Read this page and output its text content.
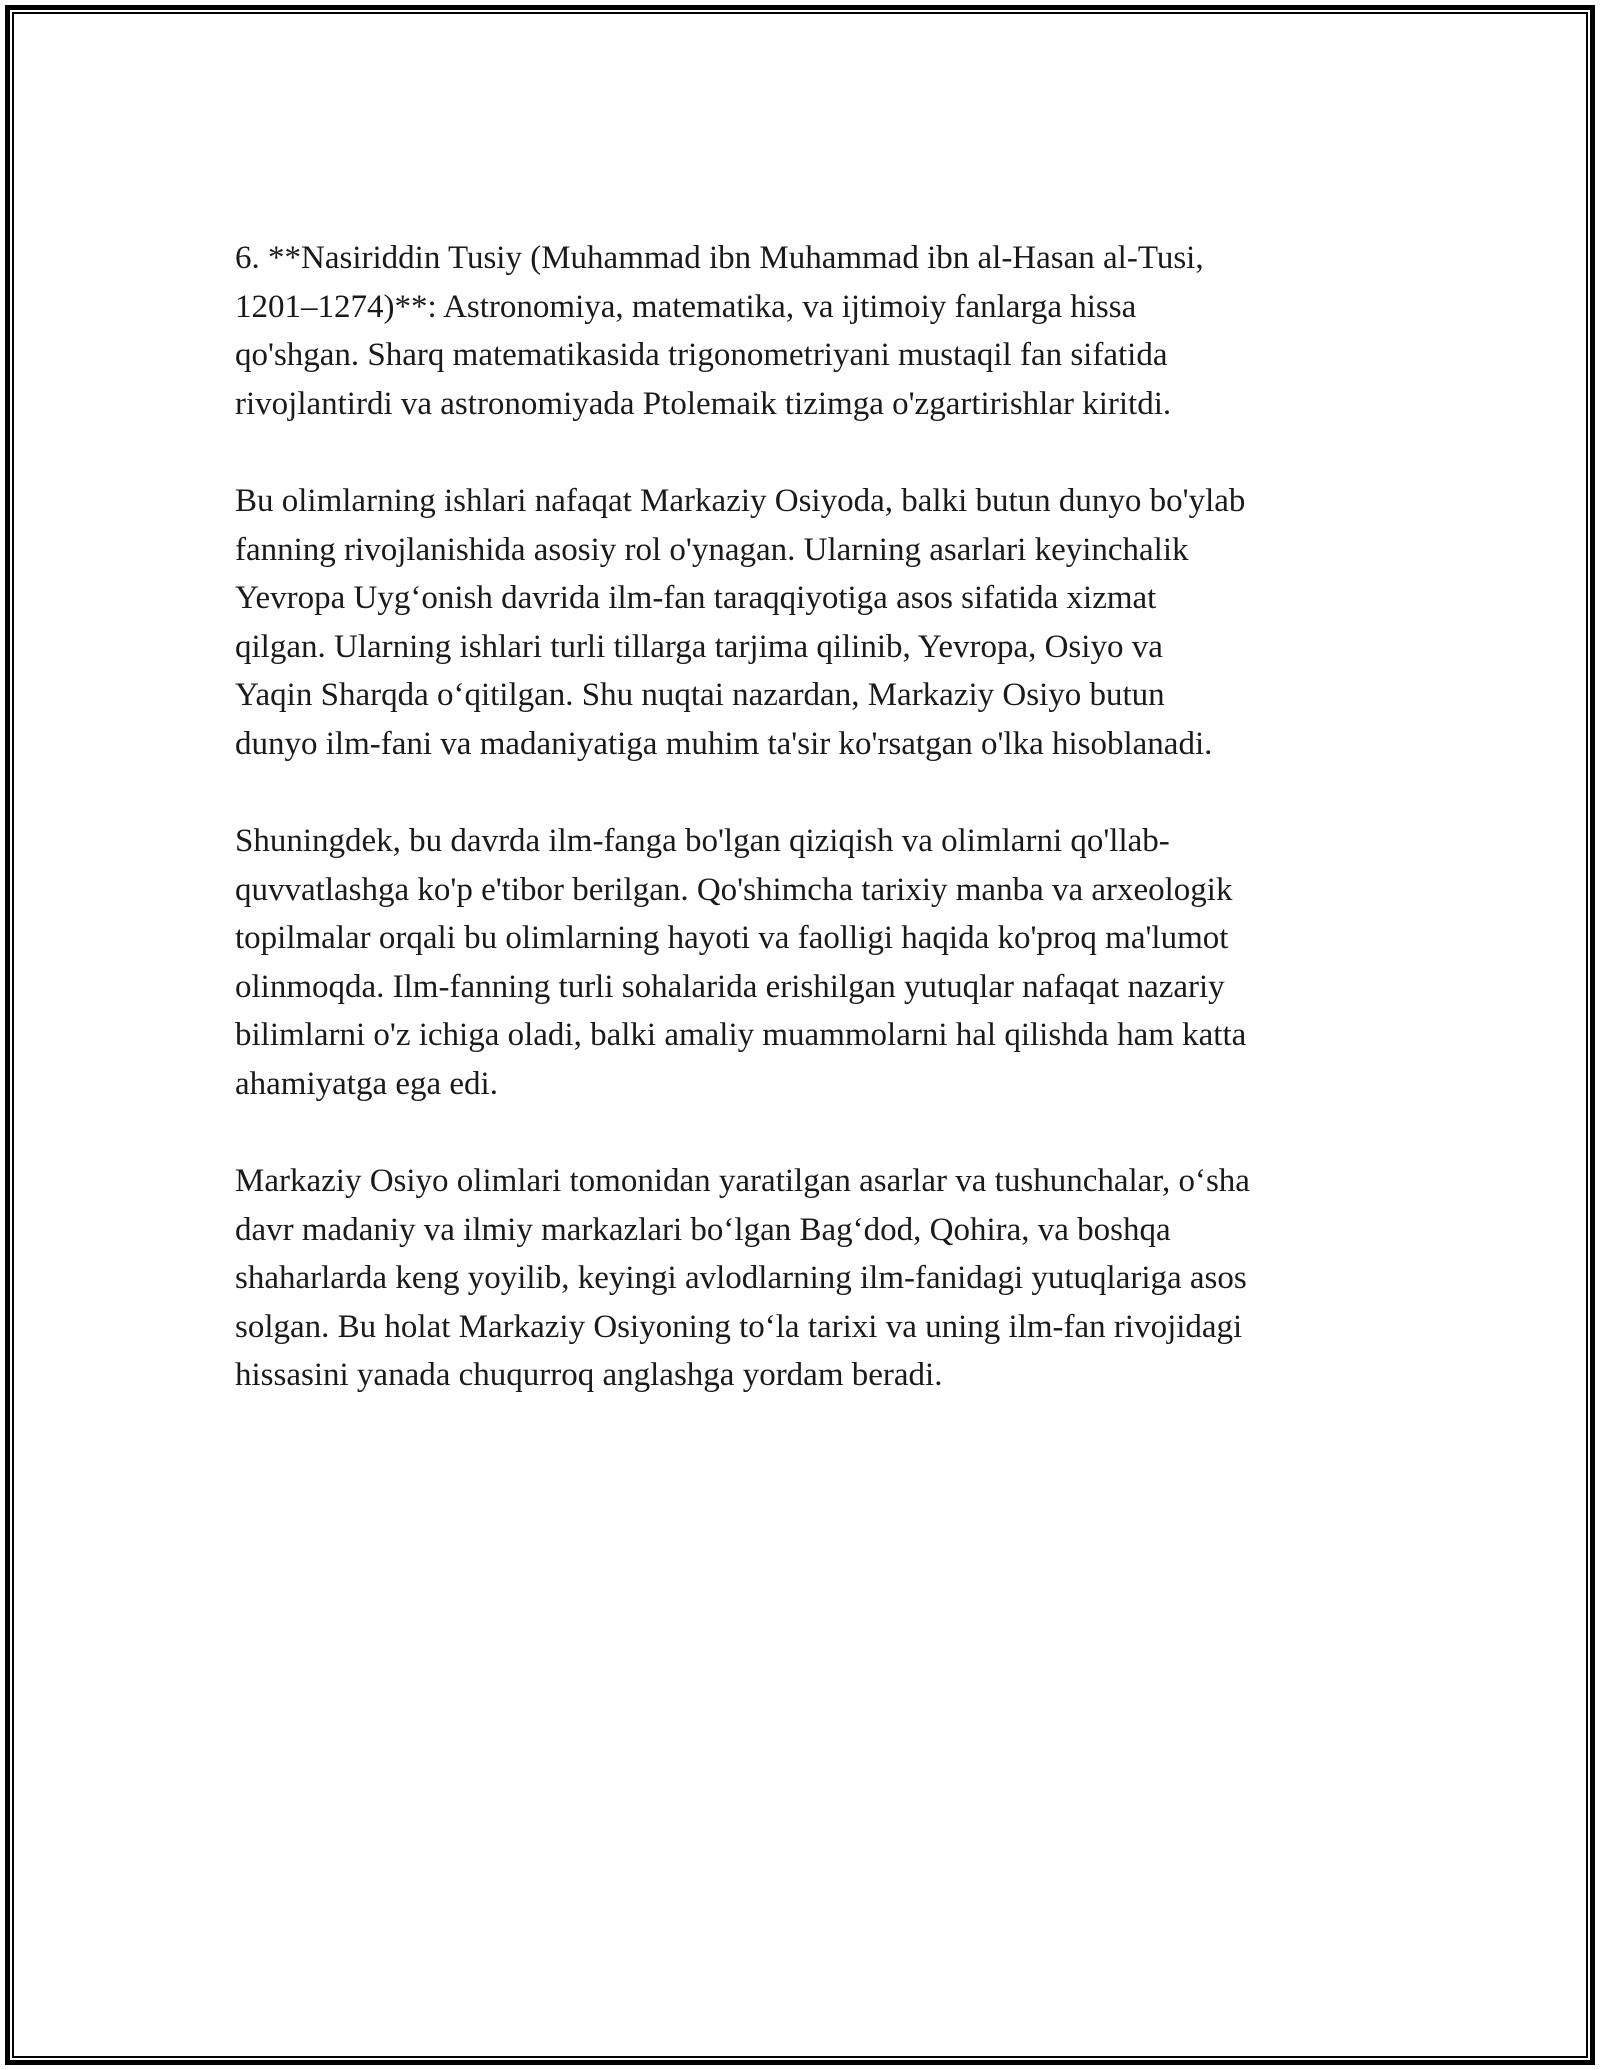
6. **Nasiriddin Tusiy (Muhammad ibn Muhammad ibn al-Hasan al-Tusi,
1201–1274)**: Astronomiya, matematika, va ijtimoiy fanlarga hissa
qo'shgan. Sharq matematikasida trigonometriyani mustaqil fan sifatida
rivojlantirdi va astronomiyada Ptolemaik tizimga o'zgartirishlar kiritdi.

Bu olimlarning ishlari nafaqat Markaziy Osiyoda, balki butun dunyo bo'ylab
fanning rivojlanishida asosiy rol o'ynagan. Ularning asarlari keyinchalik
Yevropa Uygʻonish davrida ilm-fan taraqqiyotiga asos sifatida xizmat
qilgan. Ularning ishlari turli tillarga tarjima qilinib, Yevropa, Osiyo va
Yaqin Sharqda oʻqitilgan. Shu nuqtai nazardan, Markaziy Osiyo butun
dunyo ilm-fani va madaniyatiga muhim ta'sir ko'rsatgan o'lka hisoblanadi.

Shuningdek, bu davrda ilm-fanga bo'lgan qiziqish va olimlarni qo'llab-
quvvatlashga ko'p e'tibor berilgan. Qo'shimcha tarixiy manba va arxeologik
topilmalar orqali bu olimlarning hayoti va faolligi haqida ko'proq ma'lumot
olinmoqda. Ilm-fanning turli sohalarida erishilgan yutuqlar nafaqat nazariy
bilimlarni o'z ichiga oladi, balki amaliy muammolarni hal qilishda ham katta
ahamiyatga ega edi.

Markaziy Osiyo olimlari tomonidan yaratilgan asarlar va tushunchalar, oʻsha
davr madaniy va ilmiy markazlari boʻlgan Bagʻdod, Qohira, va boshqa
shaharlarda keng yoyilib, keyingi avlodlarning ilm-fanidagi yutuqlariga asos
solgan. Bu holat Markaziy Osiyoning toʻla tarixi va uning ilm-fan rivojidagi
hissasini yanada chuqurroq anglashga yordam beradi.
